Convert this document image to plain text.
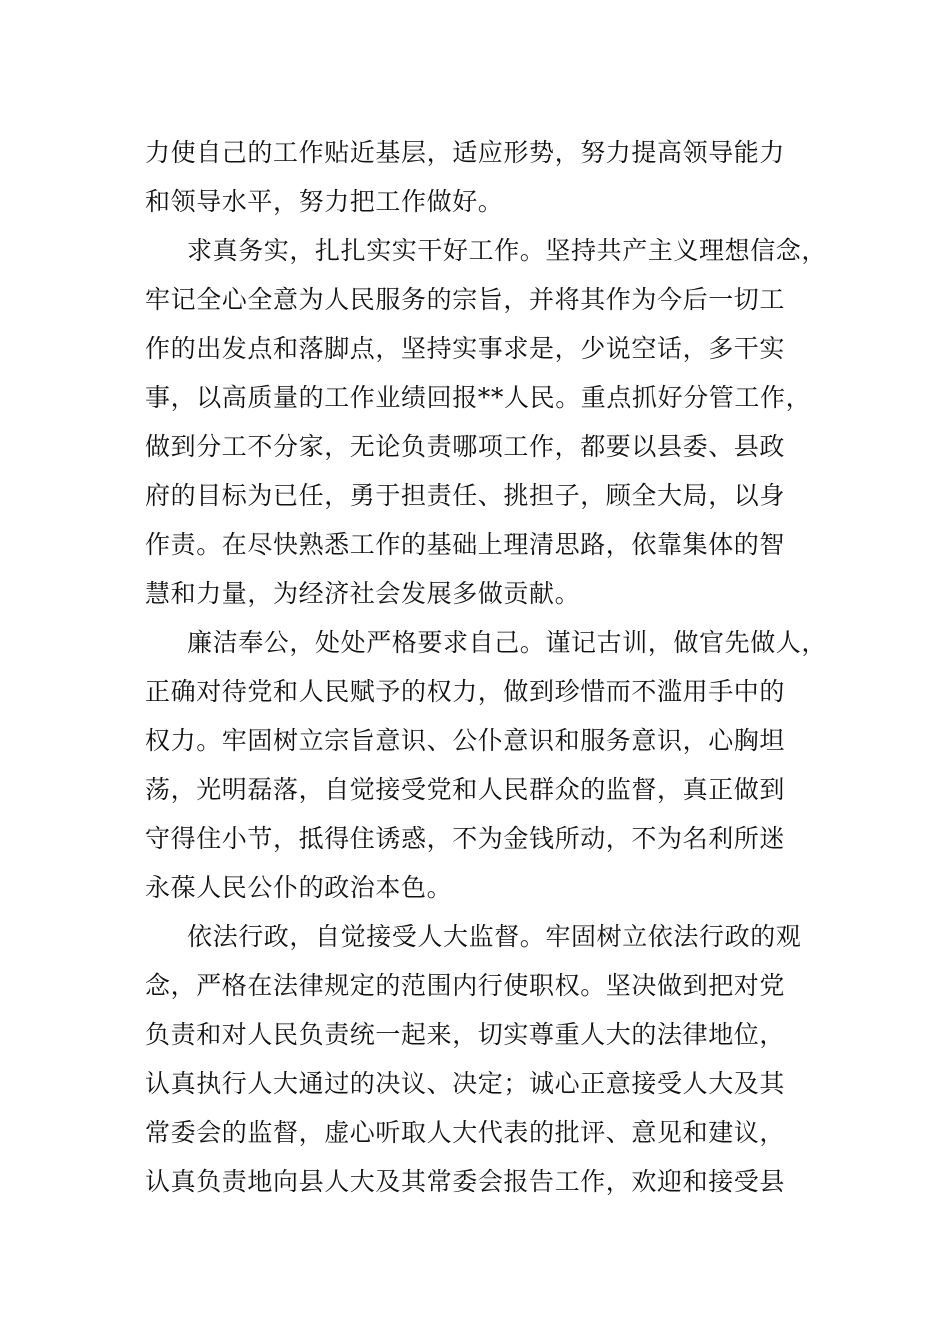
力使自己的工作贴近基层，适应形势，努力提高领导能力
和领导水平，努力把工作做好。
求真务实，扎扎实实干好工作。坚持共产主义理想信念，
牢记全心全意为人民服务的宗旨，并将其作为今后一切工
作的出发点和落脚点，坚持实事求是，少说空话，多干实
事，以高质量的工作业绩回报**人民。重点抓好分管工作，
做到分工不分家，无论负责哪项工作，都要以县委、县政
府的目标为已任，勇于担责任、挑担子，顾全大局，以身
作责。在尽快熟悉工作的基础上理清思路，依靠集体的智
慧和力量，为经济社会发展多做贡献。
廉洁奉公，处处严格要求自己。谨记古训，做官先做人，
正确对待党和人民赋予的权力，做到珍惜而不滥用手中的
权力。牢固树立宗旨意识、公仆意识和服务意识，心胸坦
荡，光明磊落，自觉接受党和人民群众的监督，真正做到
守得住小节，抵得住诱惑，不为金钱所动，不为名利所迷
永葆人民公仆的政治本色。
依法行政，自觉接受人大监督。牢固树立依法行政的观
念，严格在法律规定的范围内行使职权。坚决做到把对党
负责和对人民负责统一起来，切实尊重人大的法律地位，
认真执行人大通过的决议、决定；诚心正意接受人大及其
常委会的监督，虚心听取人大代表的批评、意见和建议，
认真负责地向县人大及其常委会报告工作，欢迎和接受县
